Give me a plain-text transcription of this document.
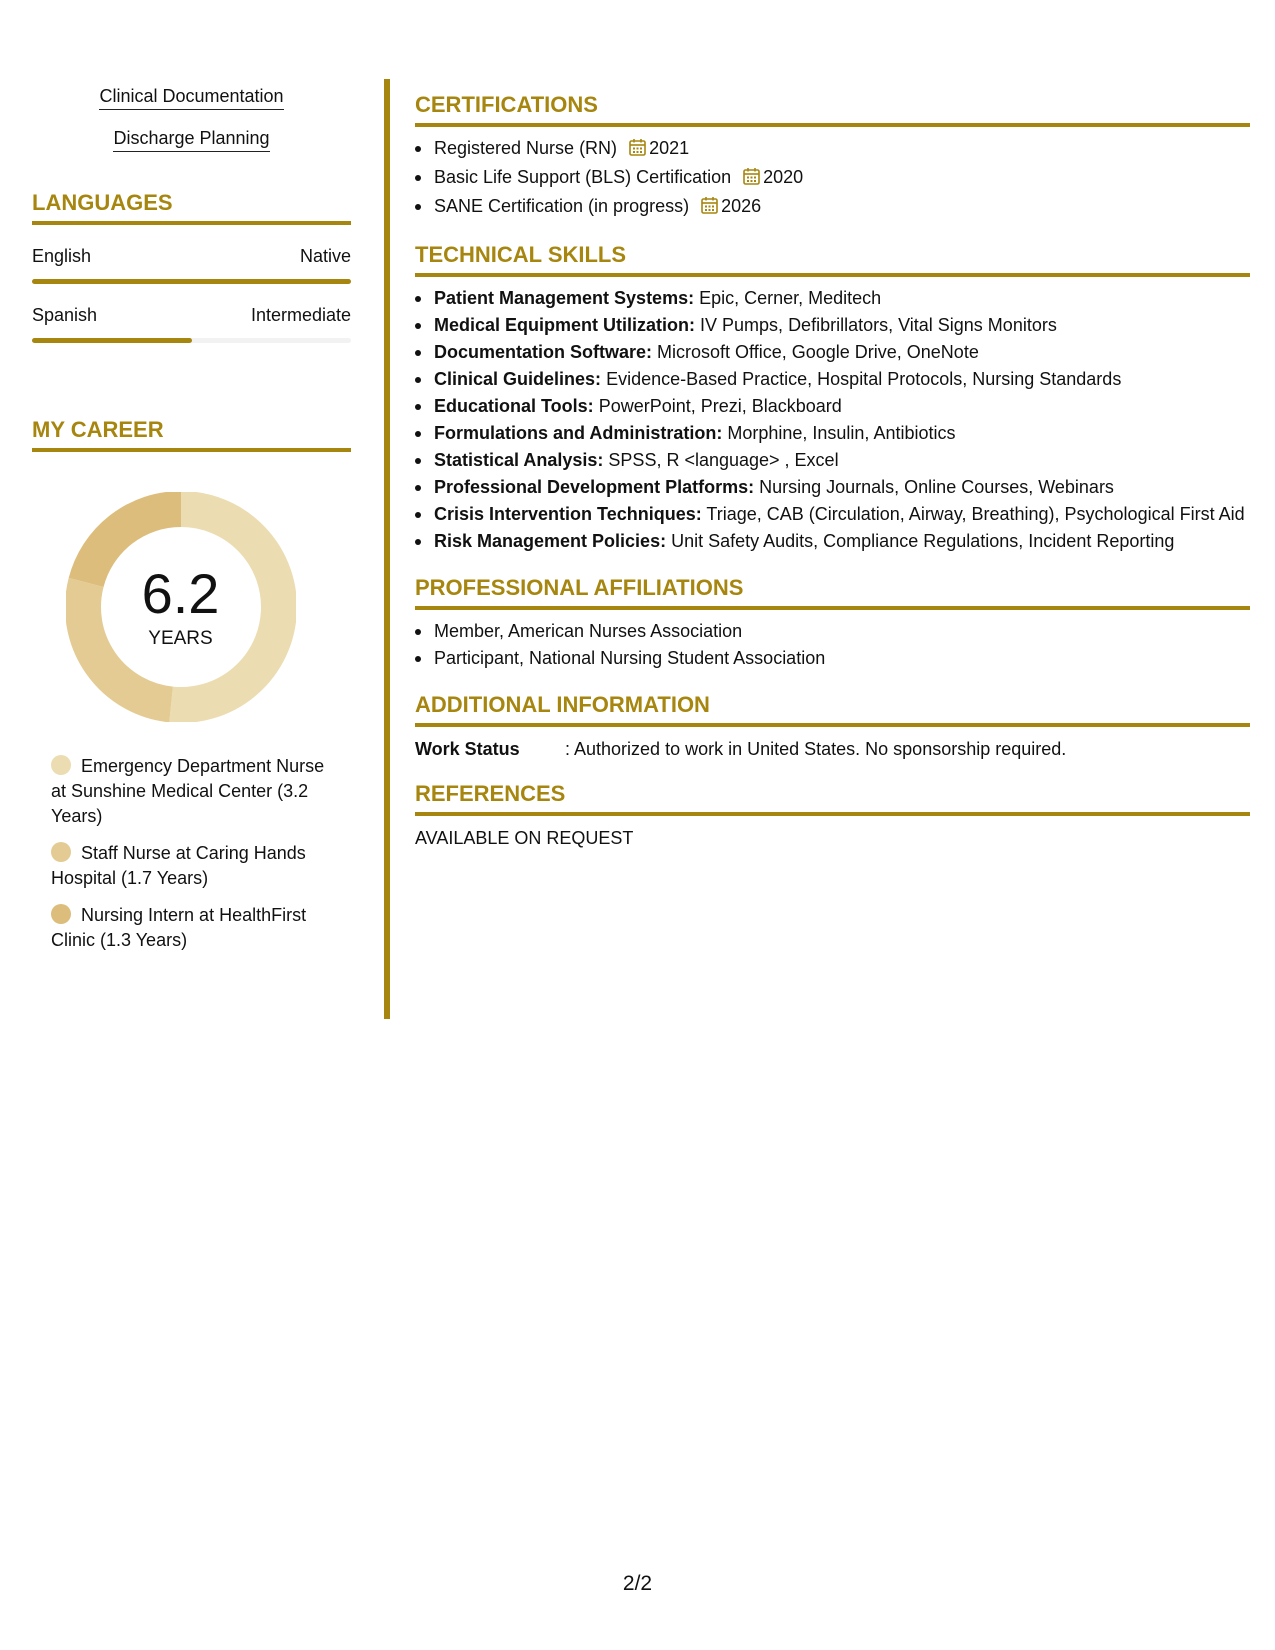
Clinical Documentation
Discharge Planning
LANGUAGES
English	Native
Spanish	Intermediate
MY CAREER
6.2
YEARS
Emergency Department Nurse at Sunshine Medical Center (3.2 Years)
Staff Nurse at Caring Hands Hospital (1.7 Years)
Nursing Intern at HealthFirst Clinic (1.3 Years)
CERTIFICATIONS
Registered Nurse (RN) 2021
Basic Life Support (BLS) Certification 2020
SANE Certification (in progress) 2026
TECHNICAL SKILLS
Patient Management Systems: Epic, Cerner, Meditech
Medical Equipment Utilization: IV Pumps, Defibrillators, Vital Signs Monitors
Documentation Software: Microsoft Office, Google Drive, OneNote
Clinical Guidelines: Evidence-Based Practice, Hospital Protocols, Nursing Standards
Educational Tools: PowerPoint, Prezi, Blackboard
Formulations and Administration: Morphine, Insulin, Antibiotics
Statistical Analysis: SPSS, R <language> , Excel
Professional Development Platforms: Nursing Journals, Online Courses, Webinars
Crisis Intervention Techniques: Triage, CAB (Circulation, Airway, Breathing), Psychological First Aid
Risk Management Policies: Unit Safety Audits, Compliance Regulations, Incident Reporting
PROFESSIONAL AFFILIATIONS
Member, American Nurses Association
Participant, National Nursing Student Association
ADDITIONAL INFORMATION
Work Status	: Authorized to work in United States. No sponsorship required.
REFERENCES
AVAILABLE ON REQUEST
2/2
